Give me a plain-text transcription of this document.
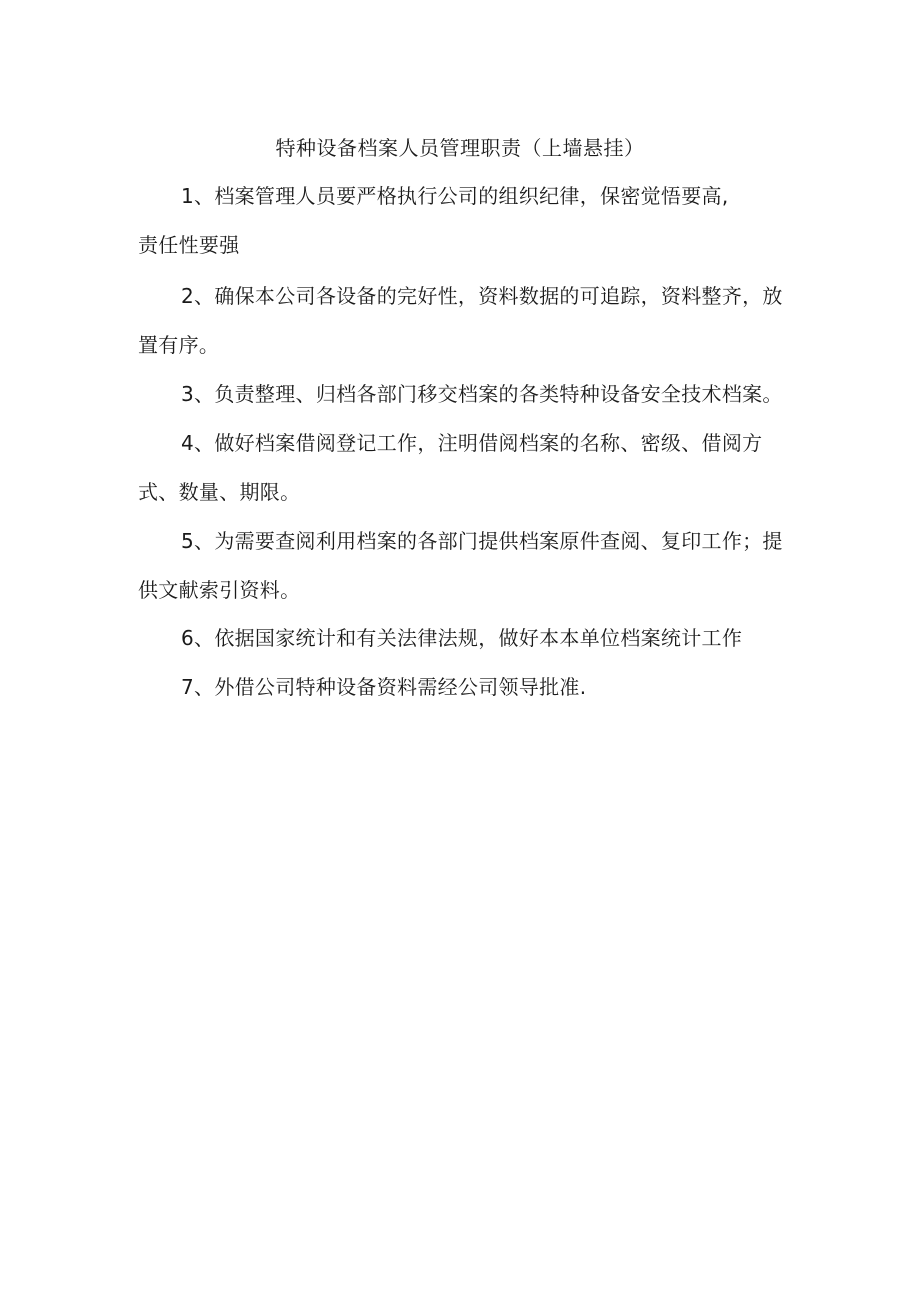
特种设备档案人员管理职责（上墙悬挂）
1、档案管理人员要严格执行公司的组织纪律，保密觉悟要高,
责任性要强
2、确保本公司各设备的完好性，资料数据的可追踪，资料整齐，放
置有序。
3、负责整理、归档各部门移交档案的各类特种设备安全技术档案。
4、做好档案借阅登记工作，注明借阅档案的名称、密级、借阅方
式、数量、期限。
5、为需要查阅利用档案的各部门提供档案原件查阅、复印工作；提
供文献索引资料。
6、依据国家统计和有关法律法规，做好本本单位档案统计工作
7、外借公司特种设备资料需经公司领导批准.
